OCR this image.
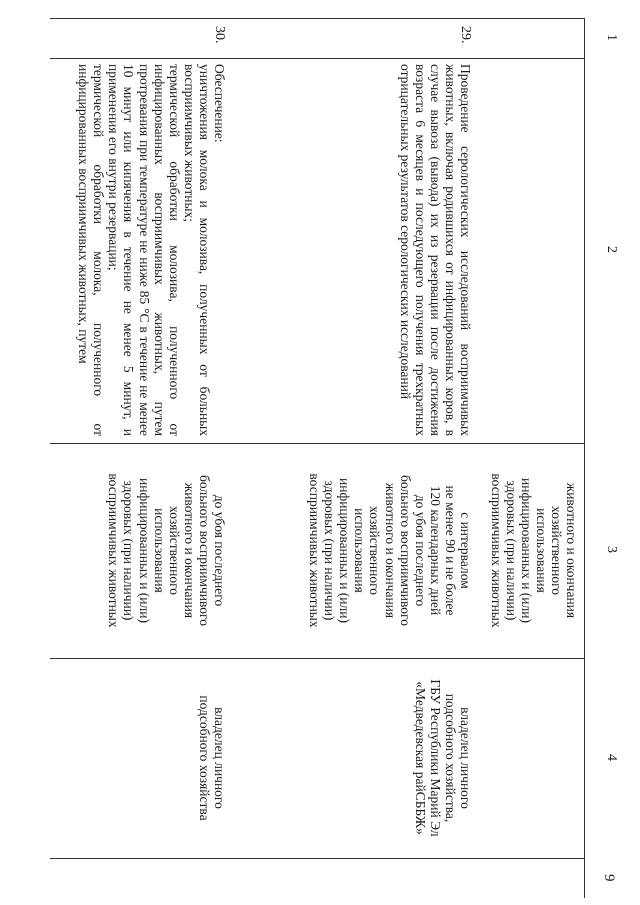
9
1
2
3
4

животного и окончания

хозяйственного

использования

инфицированных и (или)

здоровых (при наличии)

восприимчивых животных

29.
Проведение серологических исследований восприимчивых животных, включая родившихся от инфицированных коров, в случае вывоза (вывода) их из резервации после достижения возраста 6 месяцев и последующего получения трехкратных отрицательных результатов серологических исследований

с интервалом

не менее 90 и не более

120 календарных дней

до убоя последнего

больного восприимчивого

животного и окончания

хозяйственного

использования

инфицированных и (или)

здоровых (при наличии)

восприимчивых животных

владелец личного

подсобного хозяйства,

ГБУ Республики Марий Эл

«Медведевская райСББЖ»

30.

Обеспечение:

уничтожения молока и молозива, полученных от больных восприимчивых животных;

термической обработки молозива, полученного от инфицированных восприимчивых животных, путем протревания при температуре не ниже 85 °С в течение не менее 10 минут или кипячения в течение не менее 5 минут, и применения его внутри резервации;

термической обработки молока, полученного от инфицированных восприимчивых животных, путем

до убоя последнего

больного восприимчивого

животного и окончания

хозяйственного

использования

инфицированных и (или)

здоровых (при наличии)

восприимчивых животных

владелец личного

подсобного хозяйства
